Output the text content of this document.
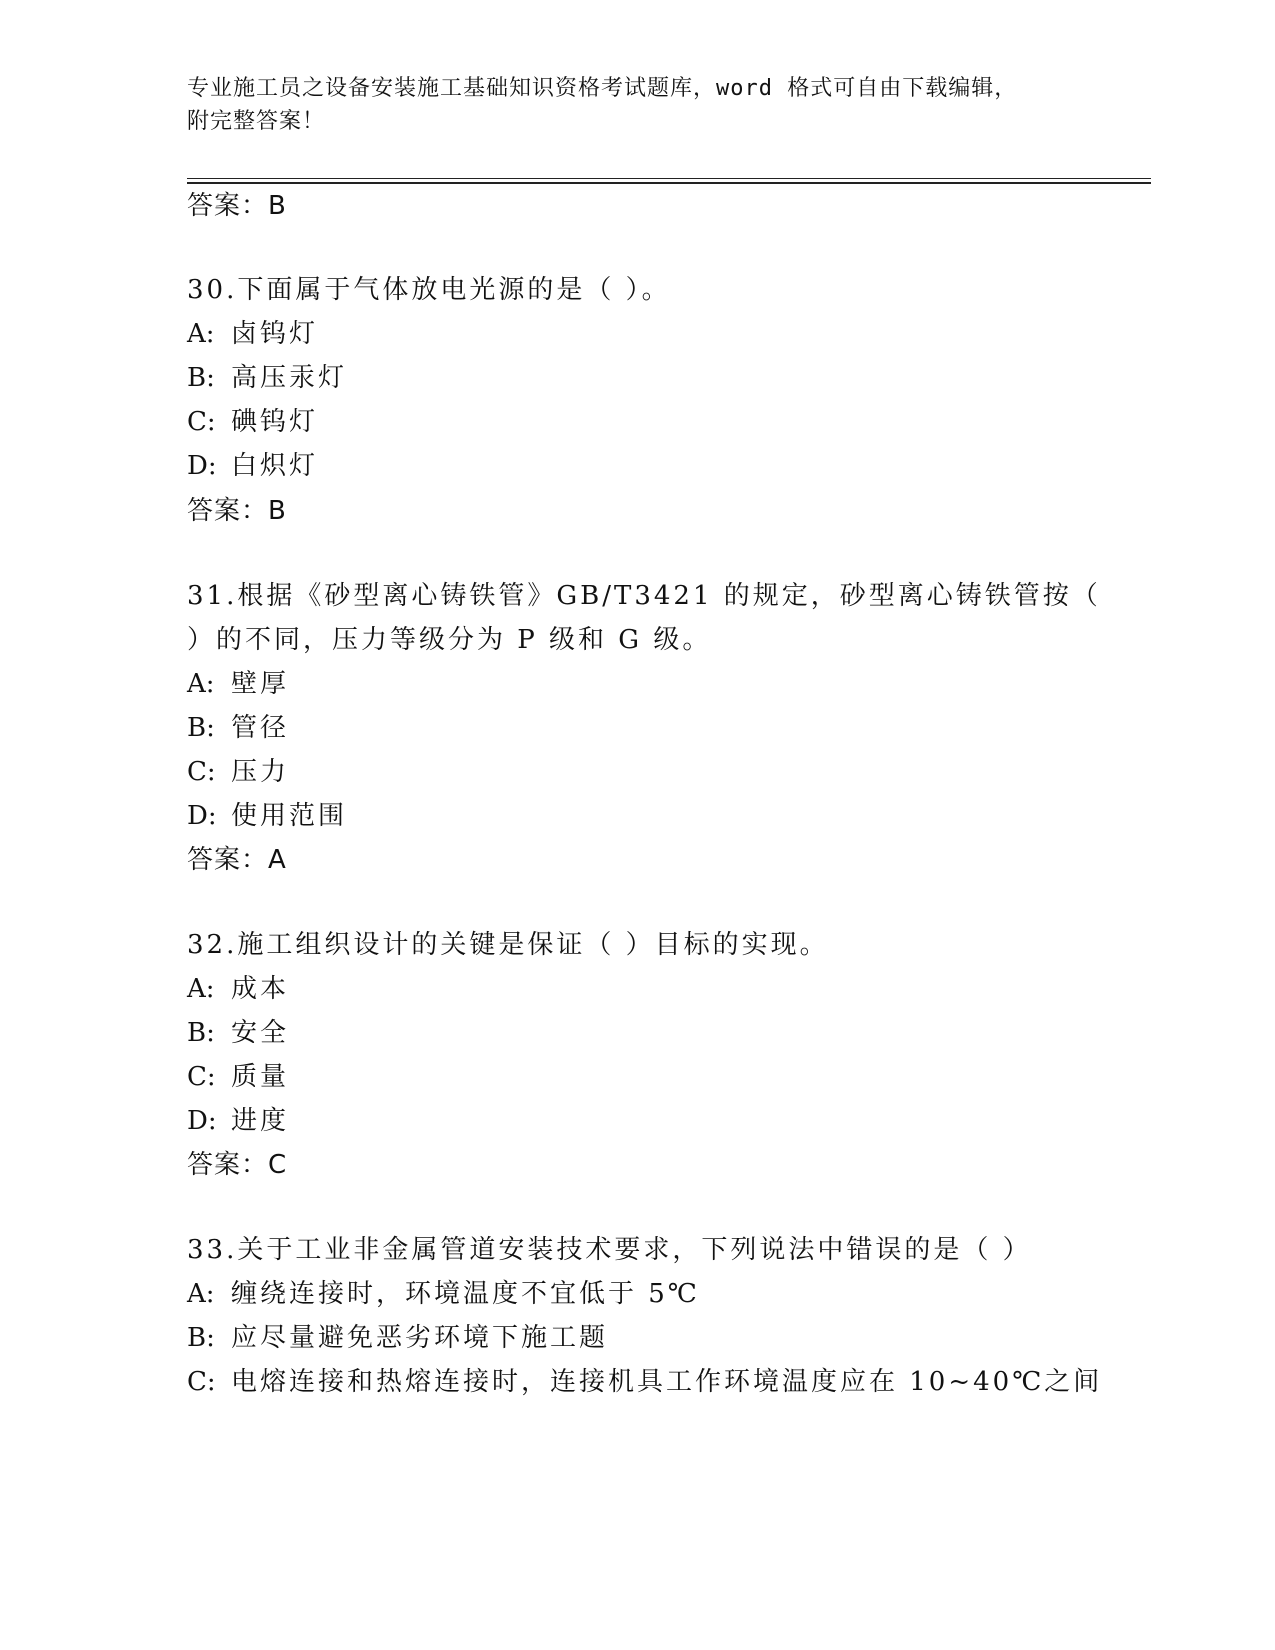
专业施工员之设备安装施工基础知识资格考试题库，word 格式可自由下载编辑，
附完整答案！
答案：B
30.下面属于气体放电光源的是（ ）。
A: 卤钨灯
B: 高压汞灯
C: 碘钨灯
D: 白炽灯
答案：B
31.根据《砂型离心铸铁管》GB/T3421 的规定，砂型离心铸铁管按（
）的不同，压力等级分为 P 级和 G 级。
A: 壁厚
B: 管径
C: 压力
D: 使用范围
答案：A
32.施工组织设计的关键是保证（ ）目标的实现。
A: 成本
B: 安全
C: 质量
D: 进度
答案：C
33.关于工业非金属管道安装技术要求，下列说法中错误的是（ ）
A: 缠绕连接时，环境温度不宜低于 5℃
B: 应尽量避免恶劣环境下施工题
C: 电熔连接和热熔连接时，连接机具工作环境温度应在 10~40℃之间
